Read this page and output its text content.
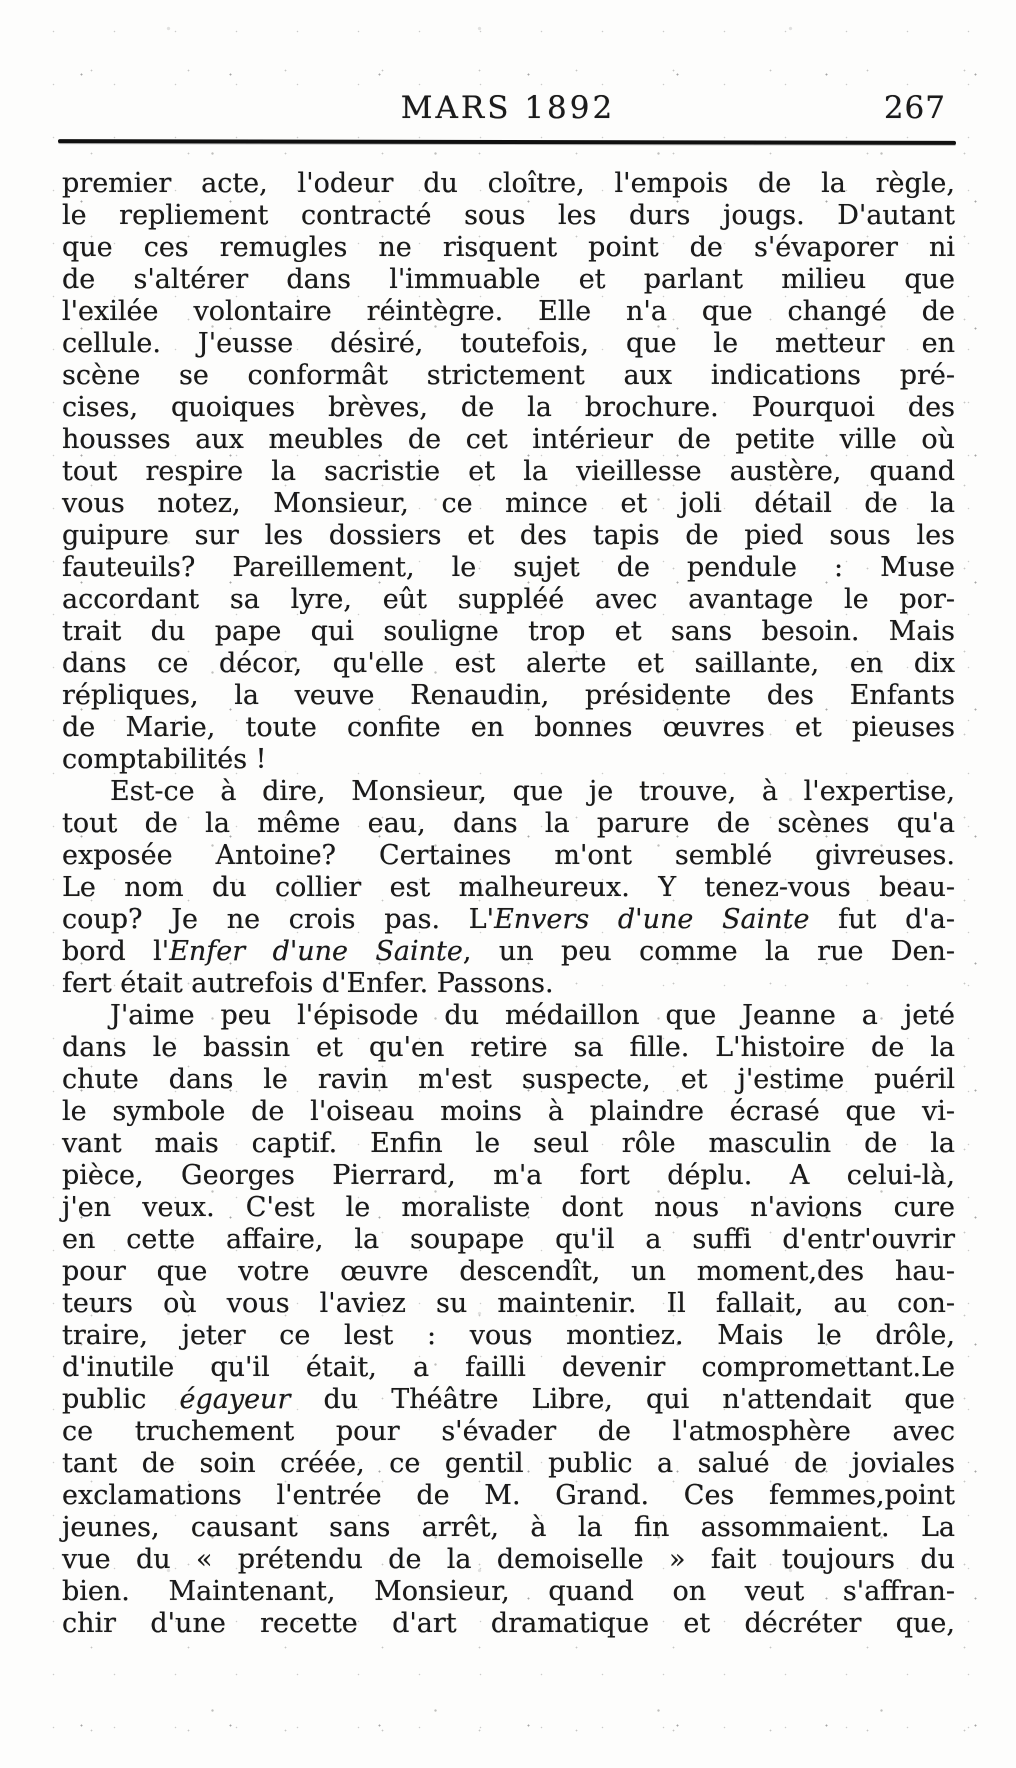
MARS 1892	267
premier acte, l'odeur du cloître, l'empois de la règle,
le repliement contracté sous les durs jougs. D'autant
que ces remugles ne risquent point de s'évaporer ni
de s'altérer dans l'immuable et parlant milieu que
l'exilée volontaire réintègre. Elle n'a que changé de
cellule. J'eusse désiré, toutefois, que le metteur en
scène se conformât strictement aux indications pré-
cises, quoiques brèves, de la brochure. Pourquoi des
housses aux meubles de cet intérieur de petite ville où
tout respire la sacristie et la vieillesse austère, quand
vous notez, Monsieur, ce mince et joli détail de la
guipure sur les dossiers et des tapis de pied sous les
fauteuils? Pareillement, le sujet de pendule : Muse
accordant sa lyre, eût suppléé avec avantage le por-
trait du pape qui souligne trop et sans besoin. Mais
dans ce décor, qu'elle est alerte et saillante, en dix
répliques, la veuve Renaudin, présidente des Enfants
de Marie, toute confite en bonnes œuvres et pieuses
comptabilités !
Est-ce à dire, Monsieur, que je trouve, à l'expertise,
tout de la même eau, dans la parure de scènes qu'a
exposée Antoine? Certaines m'ont semblé givreuses.
Le nom du collier est malheureux. Y tenez-vous beau-
coup? Je ne crois pas. L'Envers d'une Sainte fut d'a-
bord l'Enfer d'une Sainte, un peu comme la rue Den-
fert était autrefois d'Enfer. Passons.
J'aime peu l'épisode du médaillon que Jeanne a jeté
dans le bassin et qu'en retire sa fille. L'histoire de la
chute dans le ravin m'est suspecte, et j'estime puéril
le symbole de l'oiseau moins à plaindre écrasé que vi-
vant mais captif. Enfin le seul rôle masculin de la
pièce, Georges Pierrard, m'a fort déplu. A celui-là,
j'en veux. C'est le moraliste dont nous n'avions cure
en cette affaire, la soupape qu'il a suffi d'entr'ouvrir
pour que votre œuvre descendît, un moment,des hau-
teurs où vous l'aviez su maintenir. Il fallait, au con-
traire, jeter ce lest : vous montiez. Mais le drôle,
d'inutile qu'il était, a failli devenir compromettant.Le
public égayeur du Théâtre Libre, qui n'attendait que
ce truchement pour s'évader de l'atmosphère avec
tant de soin créée, ce gentil public a salué de joviales
exclamations l'entrée de M. Grand. Ces femmes,point
jeunes, causant sans arrêt, à la fin assommaient. La
vue du « prétendu de la demoiselle » fait toujours du
bien. Maintenant, Monsieur, quand on veut s'affran-
chir d'une recette d'art dramatique et décréter que,
